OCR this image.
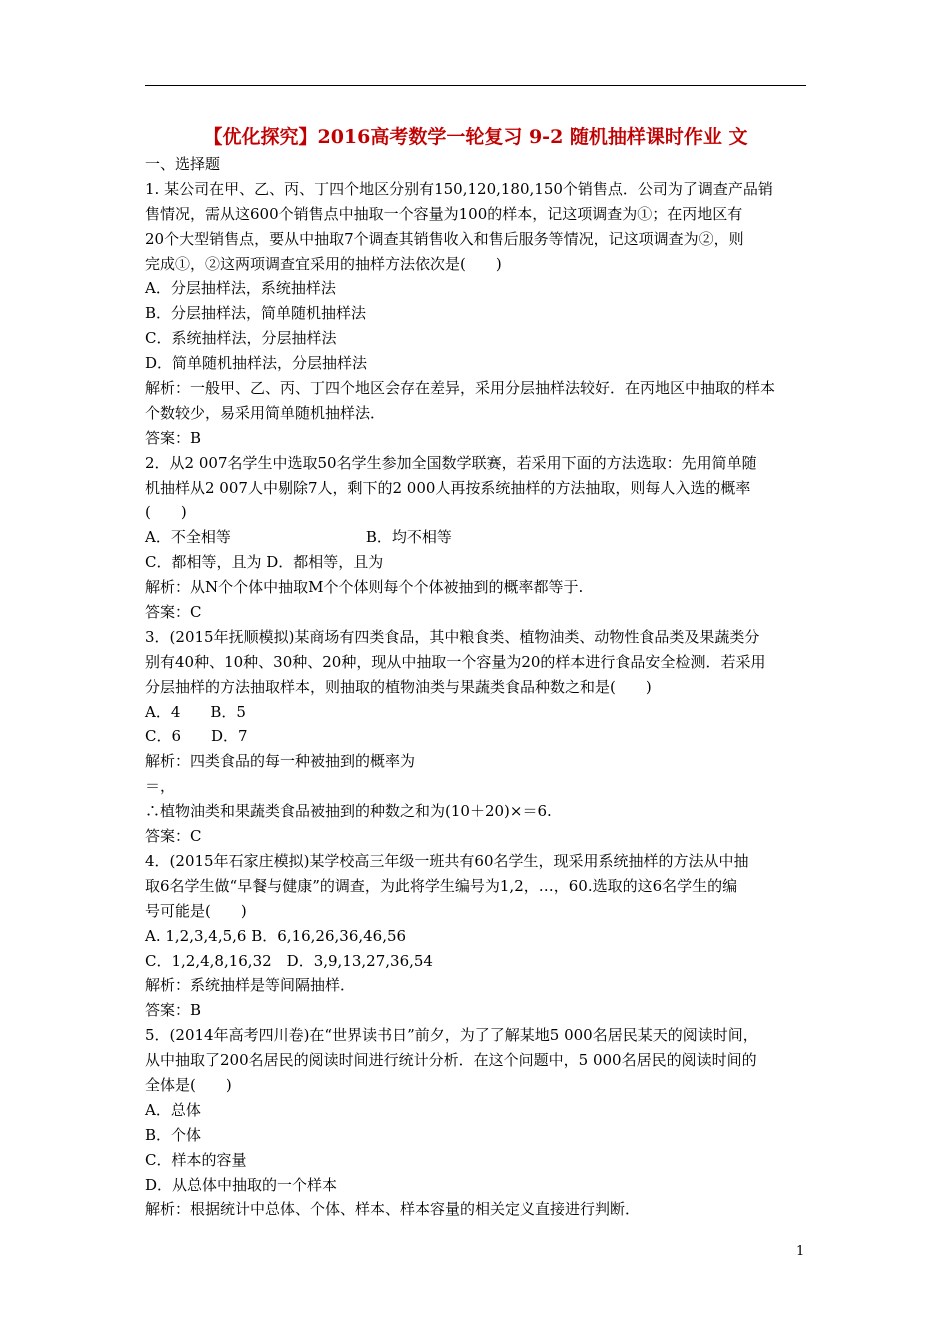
【优化探究】2016高考数学一轮复习 9-2 随机抽样课时作业 文
一、选择题
1. 某公司在甲、乙、丙、丁四个地区分别有150,120,180,150个销售点．公司为了调查产品销
售情况，需从这600个销售点中抽取一个容量为100的样本，记这项调查为①；在丙地区有
20个大型销售点，要从中抽取7个调查其销售收入和售后服务等情况，记这项调查为②，则
完成①，②这两项调查宜采用的抽样方法依次是(　　)
A．分层抽样法，系统抽样法
B．分层抽样法，简单随机抽样法
C．系统抽样法，分层抽样法
D．简单随机抽样法，分层抽样法
解析：一般甲、乙、丙、丁四个地区会存在差异，采用分层抽样法较好．在丙地区中抽取的样本
个数较少，易采用简单随机抽样法．
答案：B
2．从2 007名学生中选取50名学生参加全国数学联赛，若采用下面的方法选取：先用简单随
机抽样从2 007人中剔除7人，剩下的2 000人再按系统抽样的方法抽取，则每人入选的概率
(　　)
A．不全相等　　　　　　　　　B．均不相等
C．都相等，且为 D．都相等，且为
解析：从N个个体中抽取M个个体则每个个体被抽到的概率都等于.
答案：C
3．(2015年抚顺模拟)某商场有四类食品，其中粮食类、植物油类、动物性食品类及果蔬类分
别有40种、10种、30种、20种，现从中抽取一个容量为20的样本进行食品安全检测．若采用
分层抽样的方法抽取样本，则抽取的植物油类与果蔬类食品种数之和是(　　)
A．4　　B．5
C．6　　D．7
解析：四类食品的每一种被抽到的概率为
＝，
∴植物油类和果蔬类食品被抽到的种数之和为(10＋20)×＝6.
答案：C
4．(2015年石家庄模拟)某学校高三年级一班共有60名学生，现采用系统抽样的方法从中抽
取6名学生做“早餐与健康”的调查，为此将学生编号为1,2，…，60.选取的这6名学生的编
号可能是(　　)
A. 1,2,3,4,5,6 B．6,16,26,36,46,56
C．1,2,4,8,16,32　D．3,9,13,27,36,54
解析：系统抽样是等间隔抽样．
答案：B
5．(2014年高考四川卷)在“世界读书日”前夕，为了了解某地5 000名居民某天的阅读时间，
从中抽取了200名居民的阅读时间进行统计分析．在这个问题中，5 000名居民的阅读时间的
全体是(　　)
A．总体
B．个体
C．样本的容量
D．从总体中抽取的一个样本
解析：根据统计中总体、个体、样本、样本容量的相关定义直接进行判断．
1
